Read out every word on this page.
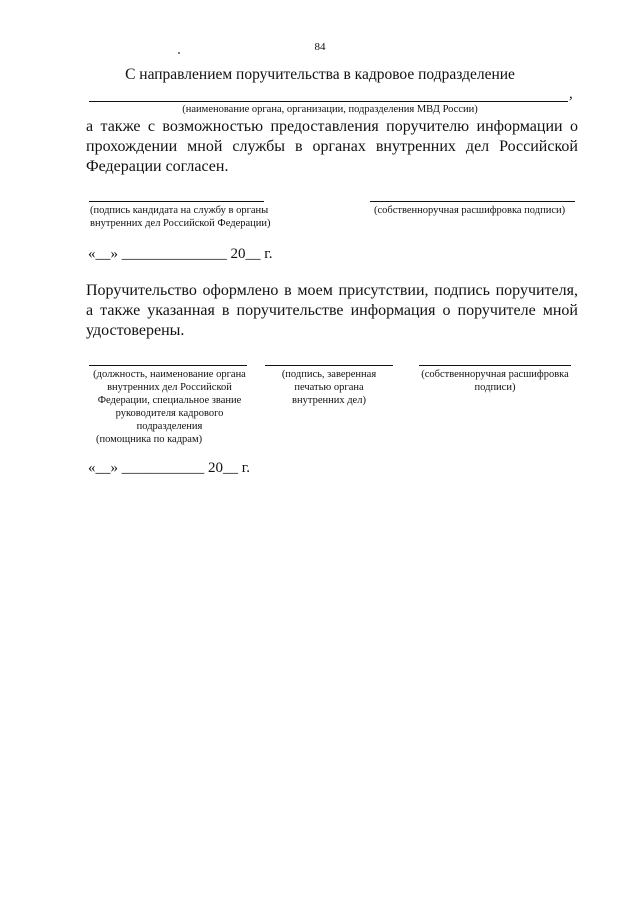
84
С направлением поручительства в кадровое подразделение
,
(наименование органа, организации, подразделения МВД России)
а также с возможностью предоставления поручителю информации о прохождении мной службы в органах внутренних дел Российской Федерации согласен.
(подпись кандидата на службу в органы
внутренних дел Российской Федерации)
(собственноручная расшифровка подписи)
«__» ______________ 20__ г.
Поручительство оформлено в моем присутствии, подпись поручителя, а также указанная в поручительстве информация о поручителе мной удостоверены.
(должность, наименование органа
внутренних дел Российской
Федерации, специальное звание
руководителя кадрового
подразделения
(помощника по кадрам)
(подпись, заверенная
печатью органа
внутренних дел)
(собственноручная расшифровка
подписи)
«__» ___________ 20__ г.
